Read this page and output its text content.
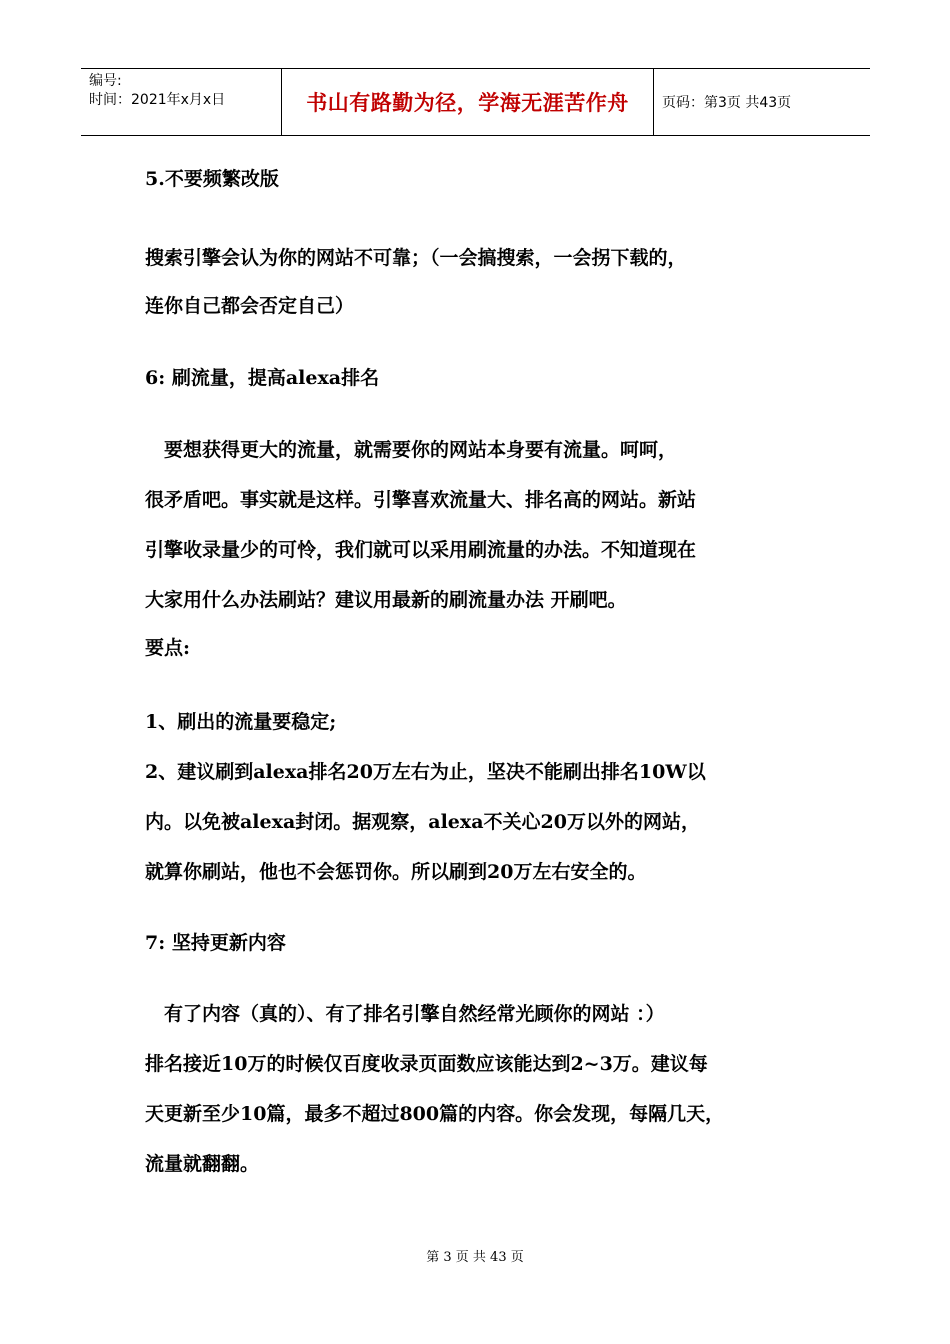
编号:
时间：2021年x月x日	书山有路勤为径，学海无涯苦作舟	页码：第3页 共43页
5.不要频繁改版
搜索引擎会认为你的网站不可靠；（一会搞搜索，一会拐下载的，
连你自己都会否定自己）
6: 刷流量，提高alexa排名
　要想获得更大的流量，就需要你的网站本身要有流量。呵呵，
很矛盾吧。事实就是这样。引擎喜欢流量大、排名高的网站。新站
引擎收录量少的可怜，我们就可以采用刷流量的办法。不知道现在
大家用什么办法刷站？建议用最新的刷流量办法 开刷吧。
要点:
1、刷出的流量要稳定;
2、建议刷到alexa排名20万左右为止，坚决不能刷出排名10W以
内。以免被alexa封闭。据观察，alexa不关心20万以外的网站，
就算你刷站，他也不会惩罚你。所以刷到20万左右安全的。
7: 坚持更新内容
　有了内容（真的）、有了排名引擎自然经常光顾你的网站 ：）
排名接近10万的时候仅百度收录页面数应该能达到2~3万。建议每
天更新至少10篇，最多不超过800篇的内容。你会发现，每隔几天，
流量就翻翻。
第 3 页 共 43 页
